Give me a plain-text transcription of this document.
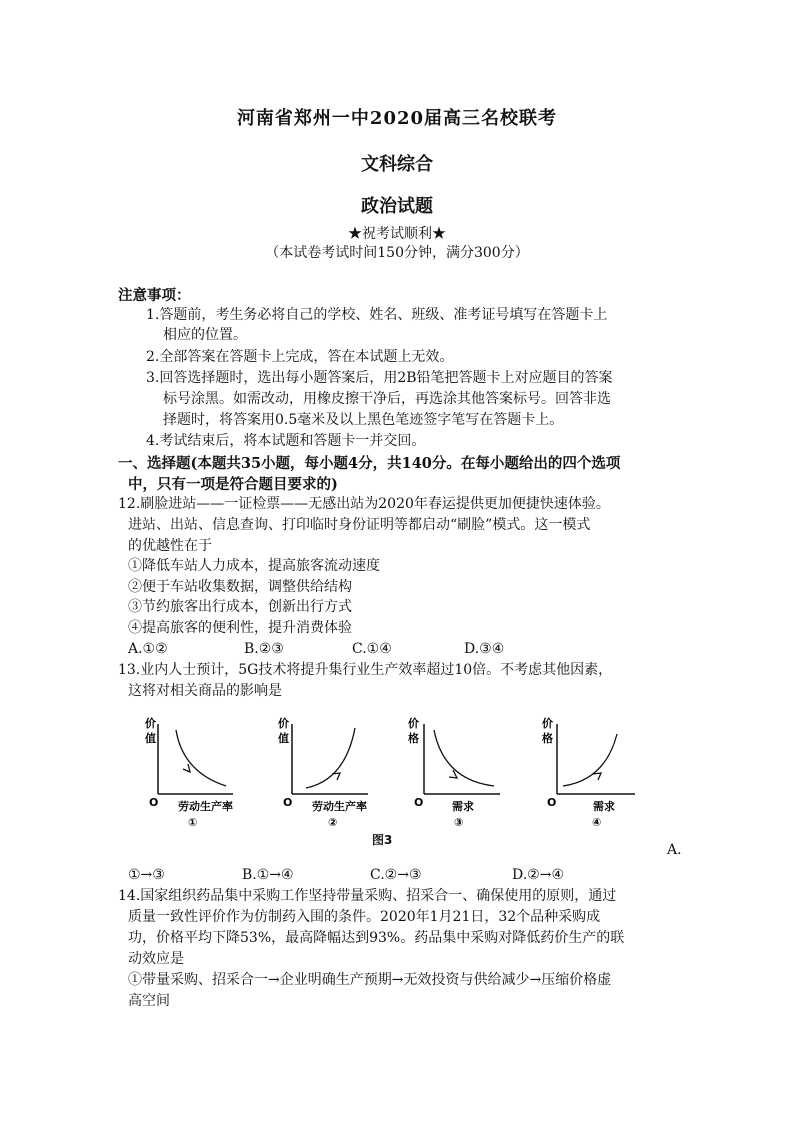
河南省郑州一中2020届高三名校联考
文科综合
政治试题
★祝考试顺利★
（本试卷考试时间150分钟，满分300分）
注意事项：
1.答题前，考生务必将自己的学校、姓名、班级、准考证号填写在答题卡上
相应的位置。
2.全部答案在答题卡上完成，答在本试题上无效。
3.回答选择题时，选出每小题答案后，用2B铅笔把答题卡上对应题目的答案
标号涂黑。如需改动，用橡皮擦干净后，再选涂其他答案标号。回答非选
择题时，将答案用0.5毫米及以上黑色笔迹签字笔写在答题卡上。
4.考试结束后，将本试题和答题卡一并交回。
一、选择题(本题共35小题，每小题4分，共140分。在每小题给出的四个选项
中，只有一项是符合题目要求的)
12.刷脸进站——一证检票——无感出站为2020年春运提供更加便捷快速体验。
进站、出站、信息查询、打印临时身份证明等都启动“刷脸”模式。这一模式
的优越性在于
①降低车站人力成本，提高旅客流动速度
②便于车站收集数据，调整供给结构
③节约旅客出行成本，创新出行方式
④提高旅客的便利性，提升消费体验
A.①②	B.②③	C.①④	D.③④
13.业内人士预计，5G技术将提升集行业生产效率超过10倍。不考虑其他因素，
这将对相关商品的影响是
价
值
O 劳动生产率
①
价
值
O 劳动生产率
②
价
格
O	需求
③
价
格
O	需求
④
图3
A.
①→③	B.①→④	C.②→③	D.②→④
14.国家组织药品集中采购工作坚持带量采购、招采合一、确保使用的原则，通过
质量一致性评价作为仿制药入围的条件。2020年1月21日，32个品种采购成
功，价格平均下降53%，最高降幅达到93%。药品集中采购对降低药价生产的联
动效应是
①带量采购、招采合一→企业明确生产预期→无效投资与供给减少→压缩价格虚
高空间
